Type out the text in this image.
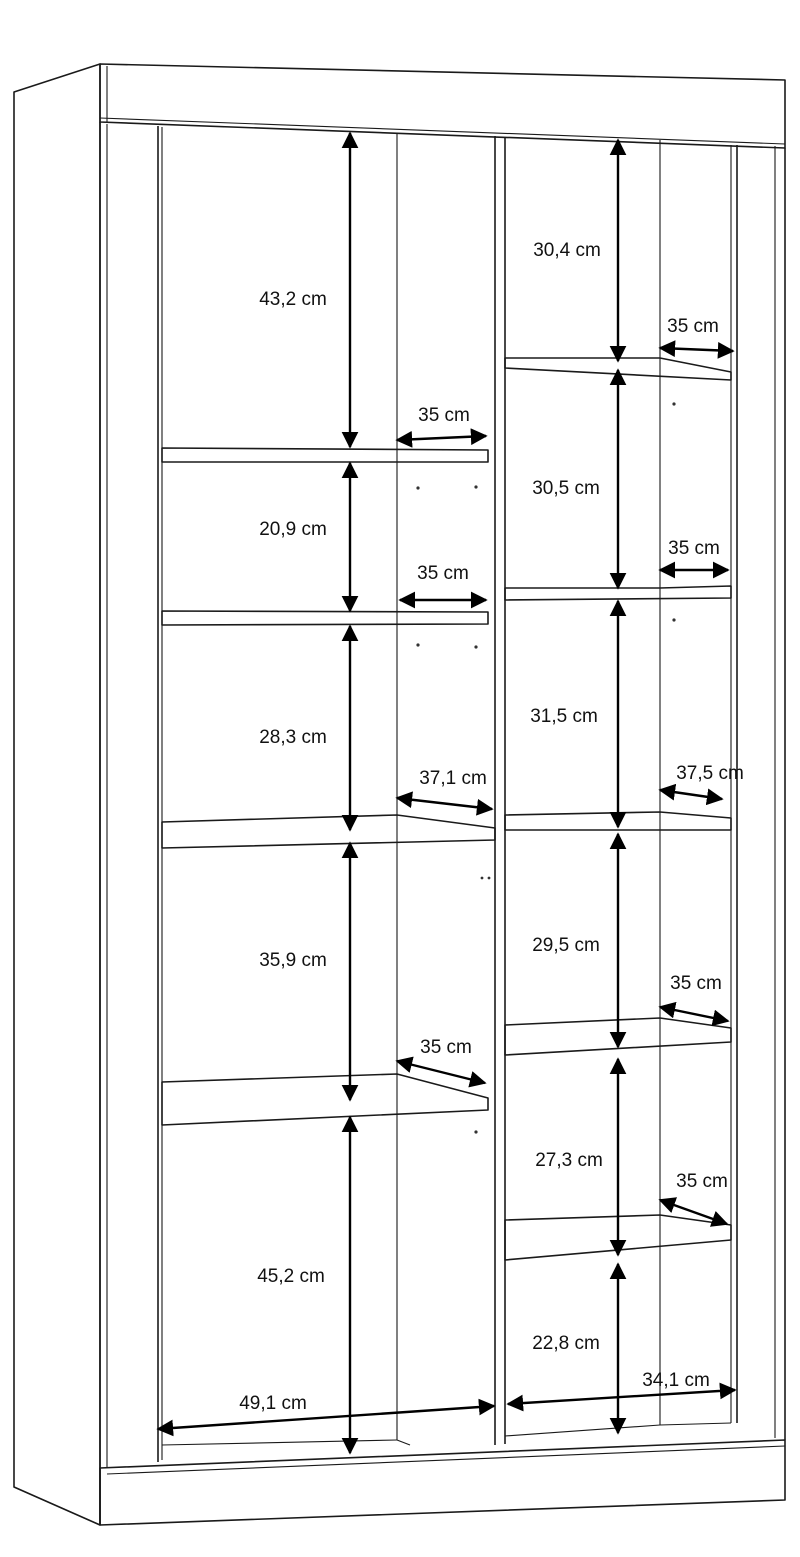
43,2 cm
20,9 cm
28,3 cm
35,9 cm
45,2 cm
35 cm
35 cm
37,1 cm
35 cm
49,1 cm
30,4 cm
30,5 cm
31,5 cm
29,5 cm
27,3 cm
22,8 cm
35 cm
35 cm
37,5 cm
35 cm
35 cm
34,1 cm
